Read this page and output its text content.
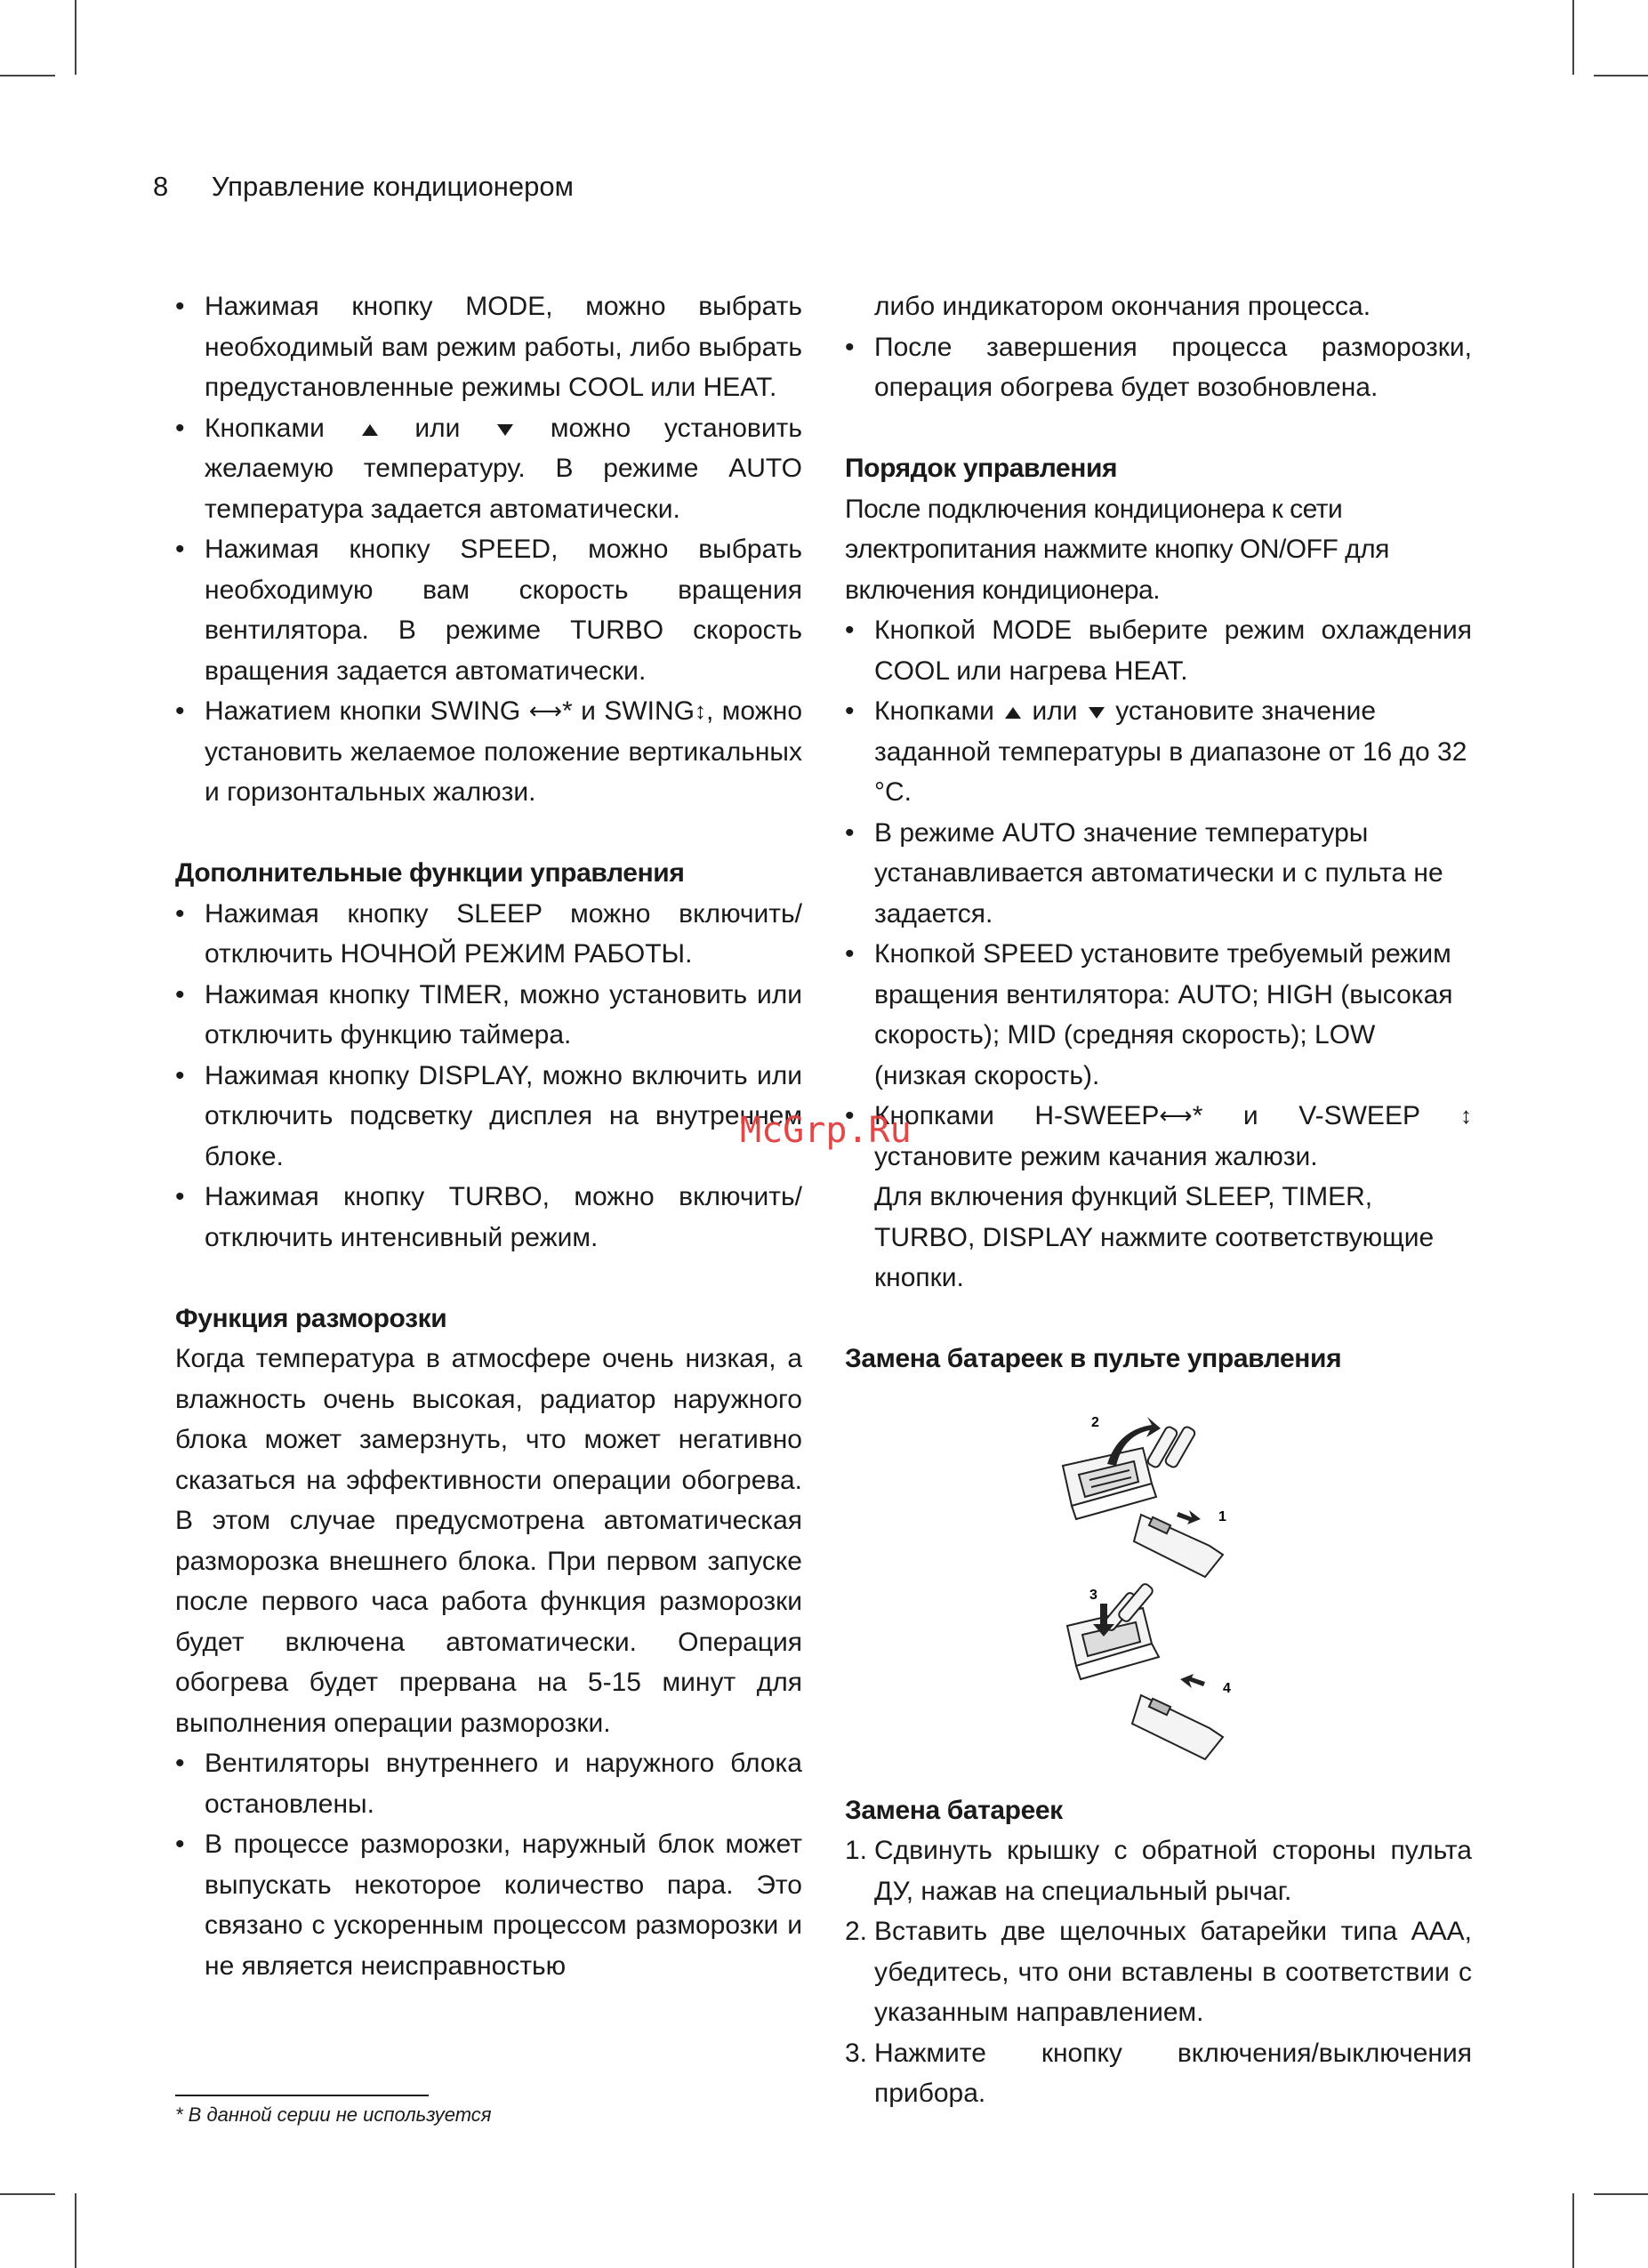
8 Управление кондиционером
• Нажимая кнопку MODE, можно выбрать необходимый вам режим работы, либо выбрать предустановленные режимы COOL или HEAT.
• Кнопками	или	можно установить желаемую температуру. В режиме AUTO температура задается автоматически.
• Нажимая кнопку SPEED, можно выбрать необходимую вам скорость вращения вентилятора. В режиме TURBO скорость вращения задается автоматически.
• Нажатием кнопки SWING ⟷* и SWING↕, можно установить желаемое положение вертикальных и горизонтальных жалюзи.

Дополнительные функции управления

• Нажимая кнопку SLEEP можно включить/отключить НОЧНОЙ РЕЖИМ РАБОТЫ.
• Нажимая кнопку TIMER, можно установить или отключить функцию таймера.
• Нажимая кнопку DISPLAY, можно включить или отключить подсветку дисплея на внутреннем блоке.
• Нажимая кнопку TURBO, можно включить/отключить интенсивный режим.

Функция разморозки

Когда температура в атмосфере очень низкая, а влажность очень высокая, радиатор наружного блока может замерзнуть, что может негативно сказаться на эффективности операции обогрева. В этом случае предусмотрена автоматическая разморозка внешнего блока. При первом запуске после первого часа работа функция разморозки будет включена автоматически. Операция обогрева будет прервана на 5-15 минут для выполнения операции разморозки.

• Вентиляторы внутреннего и наружного блока остановлены.
• В процессе разморозки, наружный блок может выпускать некоторое количество пара. Это связано с ускоренным процессом разморозки и не является неисправностью

либо индикатором окончания процесса.

• После завершения процесса разморозки, операция обогрева будет возобновлена.

Порядок управления

После подключения кондиционера к сети электропитания нажмите кнопку ON/OFF для включения кондиционера.

• Кнопкой MODE выберите режим охлаждения COOL или нагрева HEAT.
• Кнопками или установите значение заданной температуры в диапазоне от 16 до 32 °С.
• В режиме AUTO значение температуры устанавливается автоматически и с пульта не задается.
• Кнопкой SPEED установите требуемый режим вращения вентилятора: AUTO; HIGH (высокая скорость); MID (средняя скорость); LOW (низкая скорость).
• Кнопками H-SWEEP⟷* и V-SWEEP ↕ установите режим качания жалюзи.

Для включения функций SLEEP, TIMER, TURBO, DISPLAY нажмите соответствующие кнопки.

Замена батареек в пульте управления

Замена батареек

1. Сдвинуть крышку с обратной стороны пульта ДУ, нажав на специальный рычаг.
2. Вставить две щелочных батарейки типа ААА, убедитесь, что они вставлены в соответствии с указанным направлением.
3. Нажмите кнопку включения/выключения прибора.
2
1
3
4
McGrp.Ru
* В данной серии не используется
